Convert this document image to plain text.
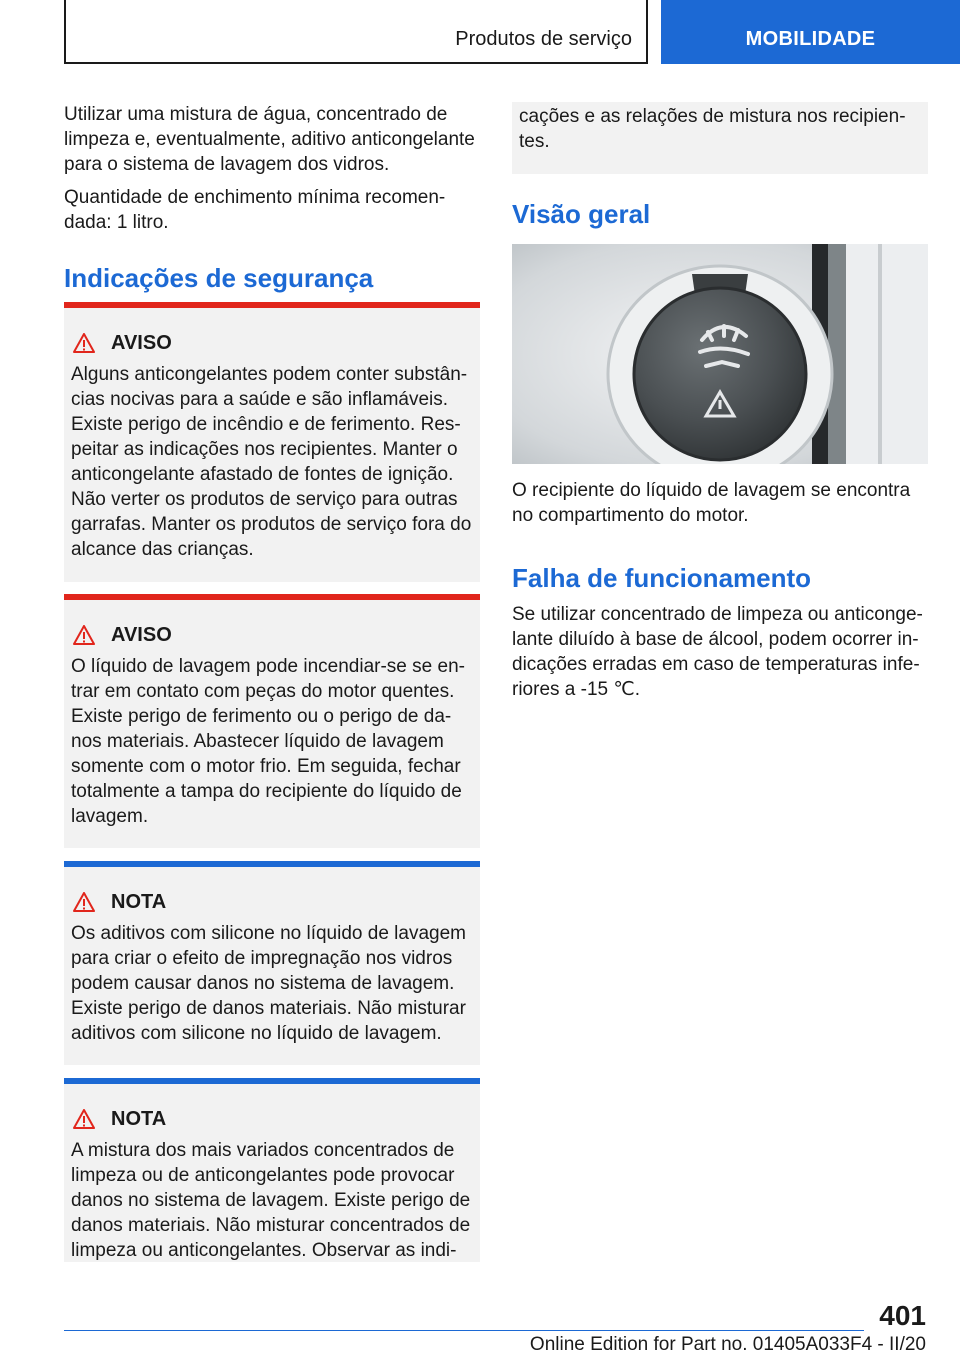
Produtos de serviço	MOBILIDADE

Utilizar uma mistura de água, concentrado de limpeza e, eventualmente, aditivo anticongelante para o sistema de lavagem dos vidros.

Quantidade de enchimento mínima recomen-dada: 1 litro.

Indicações de segurança
AVISO
Alguns anticongelantes podem conter substân-cias nocivas para a saúde e são inflamáveis. Existe perigo de incêndio e de ferimento. Res-peitar as indicações nos recipientes. Manter o anticongelante afastado de fontes de ignição. Não verter os produtos de serviço para outras garrafas. Manter os produtos de serviço fora do alcance das crianças.
AVISO
O líquido de lavagem pode incendiar-se se en-trar em contato com peças do motor quentes. Existe perigo de ferimento ou o perigo de da-nos materiais. Abastecer líquido de lavagem somente com o motor frio. Em seguida, fechar totalmente a tampa do recipiente do líquido de lavagem.
NOTA
Os aditivos com silicone no líquido de lavagem para criar o efeito de impregnação nos vidros podem causar danos no sistema de lavagem. Existe perigo de danos materiais. Não misturar aditivos com silicone no líquido de lavagem.
NOTA
A mistura dos mais variados concentrados de limpeza ou de anticongelantes pode provocar danos no sistema de lavagem. Existe perigo de danos materiais. Não misturar concentrados de limpeza ou anticongelantes. Observar as indi-
cações e as relações de mistura nos recipien-tes.
Visão geral

O recipiente do líquido de lavagem se encontra no compartimento do motor.

Falha de funcionamento

Se utilizar concentrado de limpeza ou anticonge-lante diluído à base de álcool, podem ocorrer in-dicações erradas em caso de temperaturas infe-riores a -15 ℃.

401
Online Edition for Part no. 01405A033F4 - II/20
